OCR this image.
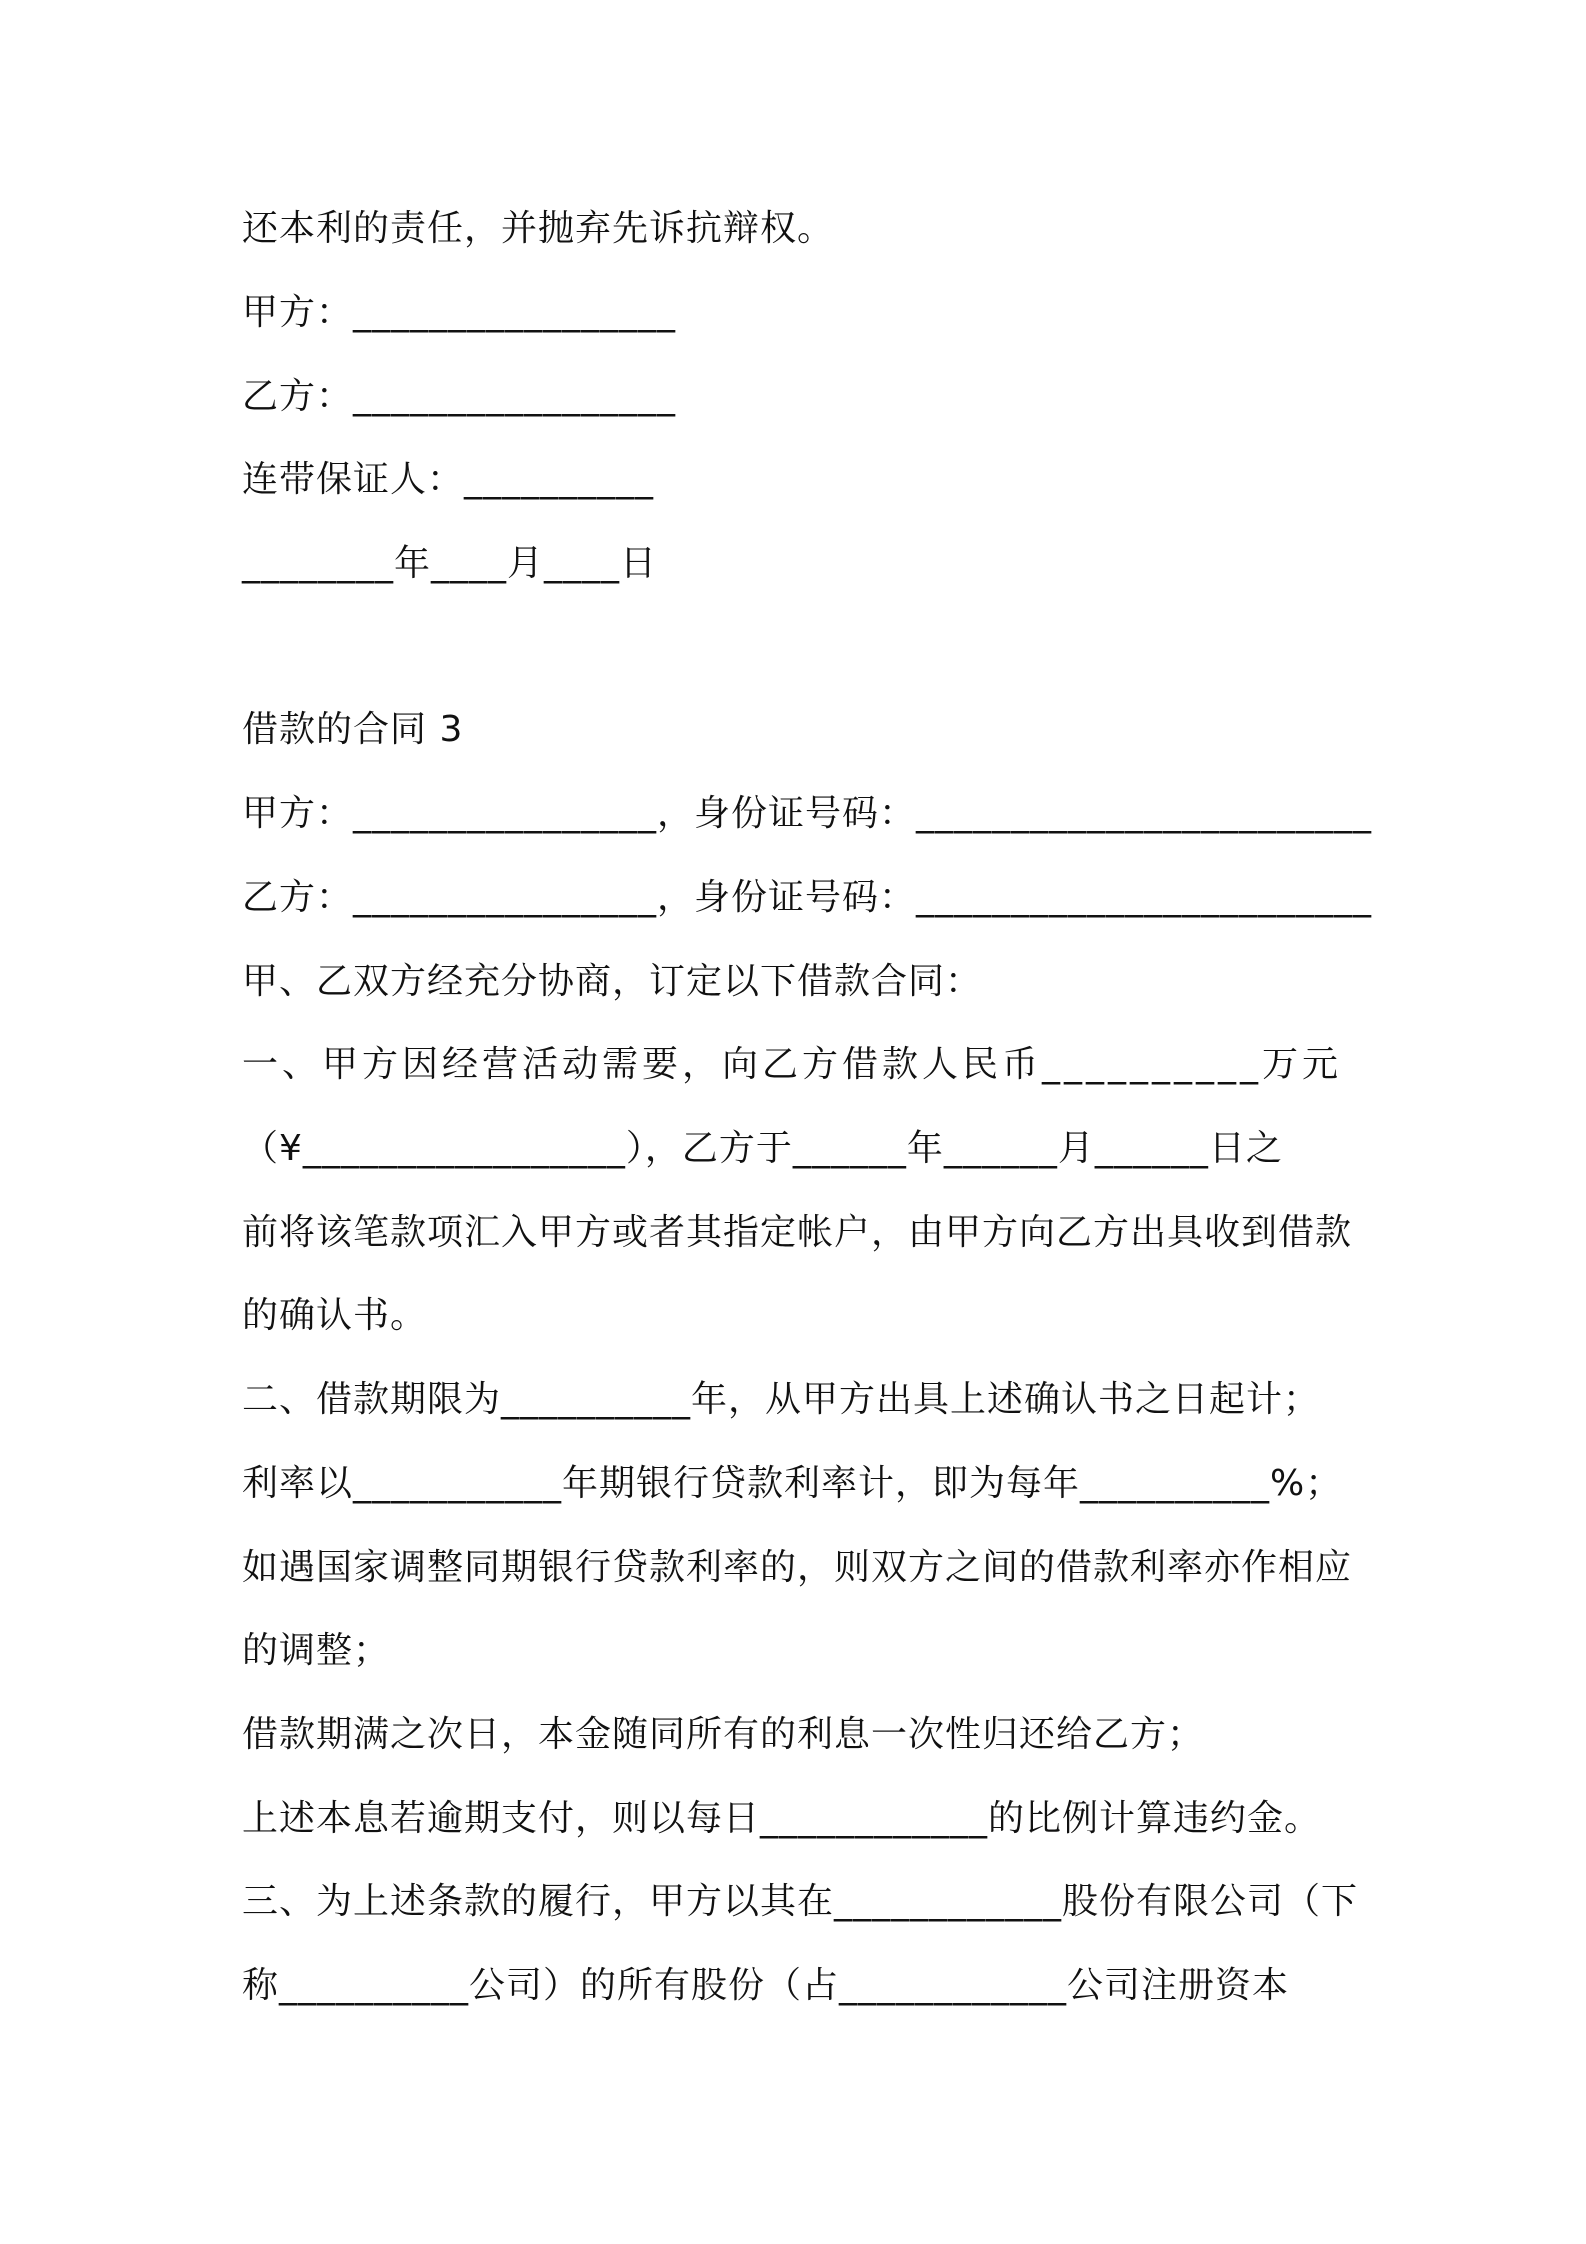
还本利的责任，并抛弃先诉抗辩权。
甲方：_________________
乙方：_________________
连带保证人：__________
________年____月____日
借款的合同 3
甲方：________________，身份证号码：________________________
乙方：________________，身份证号码：________________________
甲、乙双方经充分协商，订定以下借款合同：
一、甲方因经营活动需要，向乙方借款人民币__________万元
（¥_________________），乙方于______年______月______日之
前将该笔款项汇入甲方或者其指定帐户，由甲方向乙方出具收到借款
的确认书。
二、借款期限为__________年，从甲方出具上述确认书之日起计；
利率以___________年期银行贷款利率计，即为每年__________%；
如遇国家调整同期银行贷款利率的，则双方之间的借款利率亦作相应
的调整；
借款期满之次日，本金随同所有的利息一次性归还给乙方；
上述本息若逾期支付，则以每日____________的比例计算违约金。
三、为上述条款的履行，甲方以其在____________股份有限公司（下
称__________公司）的所有股份（占____________公司注册资本
